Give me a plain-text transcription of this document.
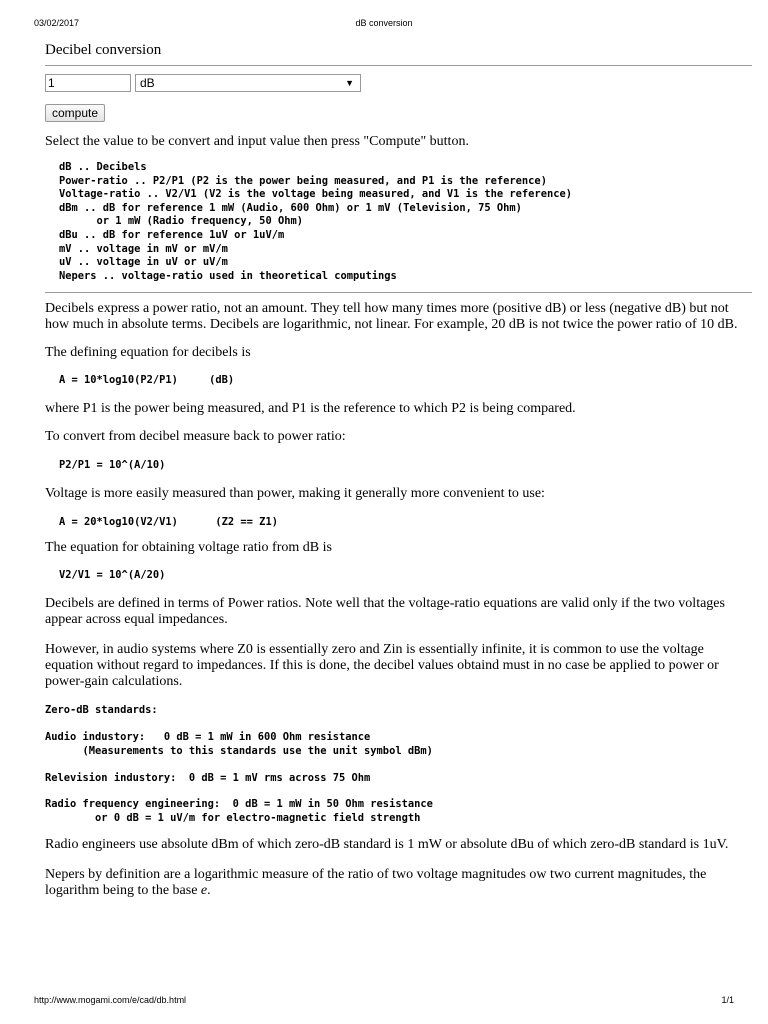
03/02/2017	dB conversion
Decibel conversion
1
dB	▼
compute

Select the value to be convert and input value then press "Compute" button.

dB .. Decibels
Power-ratio .. P2/P1 (P2 is the power being measured, and P1 is the reference)
Voltage-ratio .. V2/V1 (V2 is the voltage being measured, and V1 is the reference)
dBm .. dB for reference 1 mW (Audio, 600 Ohm) or 1 mV (Television, 75 Ohm)
or 1 mW (Radio frequency, 50 Ohm)
dBu .. dB for reference 1uV or 1uV/m
mV .. voltage in mV or mV/m
uV .. voltage in uV or uV/m
Nepers .. voltage-ratio used in theoretical computings

Decibels express a power ratio, not an amount. They tell how many times more (positive dB) or less (negative dB) but not how much in absolute terms. Decibels are logarithmic, not linear. For example, 20 dB is not twice the power ratio of 10 dB.

The defining equation for decibels is

A = 10*log10(P2/P1)     (dB)

where P1 is the power being measured, and P1 is the reference to which P2 is being compared.

To convert from decibel measure back to power ratio:

P2/P1 = 10^(A/10)

Voltage is more easily measured than power, making it generally more convenient to use:

A = 20*log10(V2/V1)      (Z2 == Z1)

The equation for obtaining voltage ratio from dB is

V2/V1 = 10^(A/20)

Decibels are defined in terms of Power ratios. Note well that the voltage-ratio equations are valid only if the two voltages appear across equal impedances.

However, in audio systems where Z0 is essentially zero and Zin is essentially infinite, it is common to use the voltage equation without regard to impedances. If this is done, the decibel values obtaind must in no case be applied to power or power-gain calculations.

Zero-dB standards:
Audio industory:   0 dB = 1 mW in 600 Ohm resistance
(Measurements to this standards use the unit symbol dBm)
Relevision industory:  0 dB = 1 mV rms across 75 Ohm
Radio frequency engineering:  0 dB = 1 mW in 50 Ohm resistance
or 0 dB = 1 uV/m for electro-magnetic field strength

Radio engineers use absolute dBm of which zero-dB standard is 1 mW or absolute dBu of which zero-dB standard is 1uV.

Nepers by definition are a logarithmic measure of the ratio of two voltage magnitudes ow two current magnitudes, the logarithm being to the base e.

http://www.mogami.com/e/cad/db.html	1/1
